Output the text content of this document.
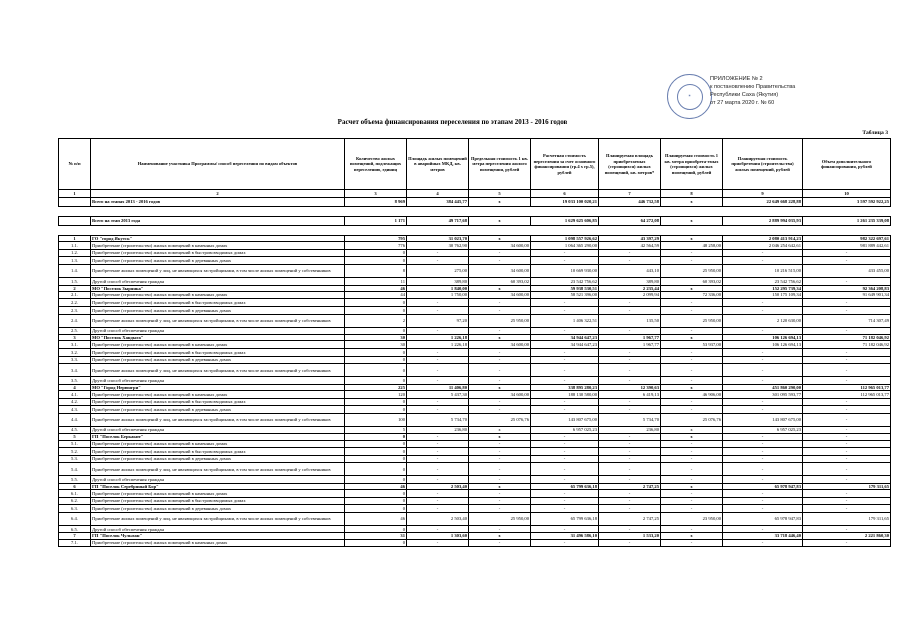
✶
ПРИЛОЖЕНИЕ № 2
к постановлению Правительства
Республики Саха (Якутия)
от 27 марта 2020 г. № 60
Расчет объема финансирования переселения по этапам 2013 - 2016 годов
Таблица 3
№ п/п	Наименование участника Программы/ способ переселения по видам объектов	Количество жилых помещений, подлежащих переселению, единиц	Площадь жилых помещений в аварийных МКД, кв. метров	Предельная стоимость 1 кв. метра переселения жилого помещения, рублей	Расчетная стоимость переселения за счет основного финансирования (гр.4 х гр.5), рублей	Планируемая площадь приобретаемых (строящихся) жилых помещений, кв. метров*	Планируемая стоимость 1 кв. метра приобрета-емых (строящихся) жилых помещений, рублей	Планируемая стоимость приобретения (строительства) жилых помещений, рублей	Объем дополнительного финансирования, рублей
1	2	3	4	5	6	7	8	9	10
	Всего на этапах 2013 - 2016 годов	8 969	384 445,77	x	19 033 100 020,21	446 732,58	x	22 649 668 228,88	3 597 592 922,25

	Всего на этап 2013 года	1 171	49 717,68	x	1 629 625 606,85	64 272,08	x	2 889 994 035,93	1 261 235 339,08

1	ГО "город Якутск"	795	31 023,70	x	1 098 557 926,62	43 397,29	x	2 080 413 914,23	982 322 697,61
1.1.	Приобретение (строительство) жилых помещений в каменных домах	776	30 762,90	34 600,00	1 064 365 290,00	42 564,59	48 258,00	2 046 254 642,61	981 889 442,61
1.2.	Приобретение (строительство) жилых помещений в быстровозводимых домах	0	-	-	-	-	-	-	-
1.3.	Приобретение (строительство) жилых помещений в деревянных домах	0	-	-	-	-	-	-	-
1.4.	Приобретение жилых помещений у лиц, не являющихся застройщиками, в том числе жилых помещений у собственников	8	275,00	34 600,00	10 669 930,00	443,10	25 950,00	10 216 515,00	433 455,00
1.5.	Другой способ обеспечения граждан	11	389,80	60 393,02	23 542 756,62	389,80	60 393,02	23 542 756,62	-
2	МО "Поселок Зырянка"	46	1 840,00	x	59 938 530,51	2 235,44	x	152 295 739,34	92 364 208,83
2.1.	Приобретение (строительство) жилых помещений в каменных домах	44	1 750,00	34 600,00	58 521 396,00	2 099,94	72 336,00	150 175 109,34	91 649 901,34
2.2.	Приобретение (строительство) жилых помещений в быстровозводимых домах	0	-	-	-	-	-	-	-
2.3.	Приобретение (строительство) жилых помещений в деревянных домах	0	-	-	-	-	-	-	-
2.4.	Приобретение жилых помещений у лиц, не являющихся застройщиками, в том числе жилых помещений у собственников	2	97,20	25 950,00	1 406 322,51	135,50	25 950,00	2 120 630,00	714 307,49
2.5.	Другой способ обеспечения граждан	0	-	-	-	-	-	-	-
3	МО "Поселок Хандыга"	30	1 226,18	x	34 944 647,23	1 967,77	x	106 126 694,13	71 182 046,92
3.1.	Приобретение (строительство) жилых помещений в каменных домах	30	1 226,18	34 600,00	34 944 647,23	1 967,77	53 937,00	106 126 694,13	71 182 046,92
3.2.	Приобретение (строительство) жилых помещений в быстровозводимых домах	0	-	-	-	-	-	-	-
3.3.	Приобретение (строительство) жилых помещений в деревянных домах	0	-	-	-	-	-	-	-
3.4.	Приобретение жилых помещений у лиц, не являющихся застройщиками, в том числе жилых помещений у собственников	0	-	-	-	-	-	-	-
3.5.	Другой способ обеспечения граждан	0	-	-	-	-	-	-	-
4	МО "Город Нерюнгри"	225	11 406,80	x	338 895 280,23	12 390,63	x	451 860 290,00	112 965 013,77
4.1.	Приобретение (строительство) жилых помещений в каменных домах	120	5 437,30	34 600,00	188 130 580,00	6 419,13	46 906,00	301 095 593,77	112 965 013,77
4.2.	Приобретение (строительство) жилых помещений в быстровозводимых домах	0	-	-	-	-	-	-	-
4.3.	Приобретение (строительство) жилых помещений в деревянных домах	0	-	-	-	-	-	-	-
4.4.	Приобретение жилых помещений у лиц, не являющихся застройщиками, в том числе жилых помещений у собственников	100	5 734,70	25 076,76	143 807 675,00	5 734,70	25 076,76	143 807 675,00	-
4.5.	Другой способ обеспечения граждан	5	236,80	x	6 957 025,23	236,80	x	6 957 025,23	-
5	ГП "Поселок Беркакит"	0	-	x	-	-	x	-	-
5.1.	Приобретение (строительство) жилых помещений в каменных домах	0	-	-	-	-	-	-	-
5.2.	Приобретение (строительство) жилых помещений в быстровозводимых домах	0	-	-	-	-	-	-	-
5.3.	Приобретение (строительство) жилых помещений в деревянных домах	0	-	-	-	-	-	-	-
5.4.	Приобретение жилых помещений у лиц, не являющихся застройщиками, в том числе жилых помещений у собственников	0	-	-	-	-	-	-	-
5.5.	Другой способ обеспечения граждан	0	-	-	-	-	-	-	-
6	ГП "Поселок Серебряный Бор"	46	2 503,40	x	65 799 636,18	2 747,25	x	65 978 947,83	179 311,65
6.1.	Приобретение (строительство) жилых помещений в каменных домах	0	-	-	-	-	-	-	-
6.2.	Приобретение (строительство) жилых помещений в быстровозводимых домах	0	-	-	-	-	-	-	-
6.3.	Приобретение (строительство) жилых помещений в деревянных домах	0	-	-	-	-	-	-	-
6.4.	Приобретение жилых помещений у лиц, не являющихся застройщиками, в том числе жилых помещений у собственников	46	2 503,40	25 950,00	65 799 636,18	2 747,25	23 950,00	65 978 947,83	179 311,65
6.5.	Другой способ обеспечения граждан	0	-	-	-	-	-	-	-
7	ГП "Поселок Чульман"	31	1 303,60	x	31 496 586,10	1 533,20	x	33 718 446,40	2 221 860,30
7.1.	Приобретение (строительство) жилых помещений в каменных домах	0	-	-	-	-	-	-	-
